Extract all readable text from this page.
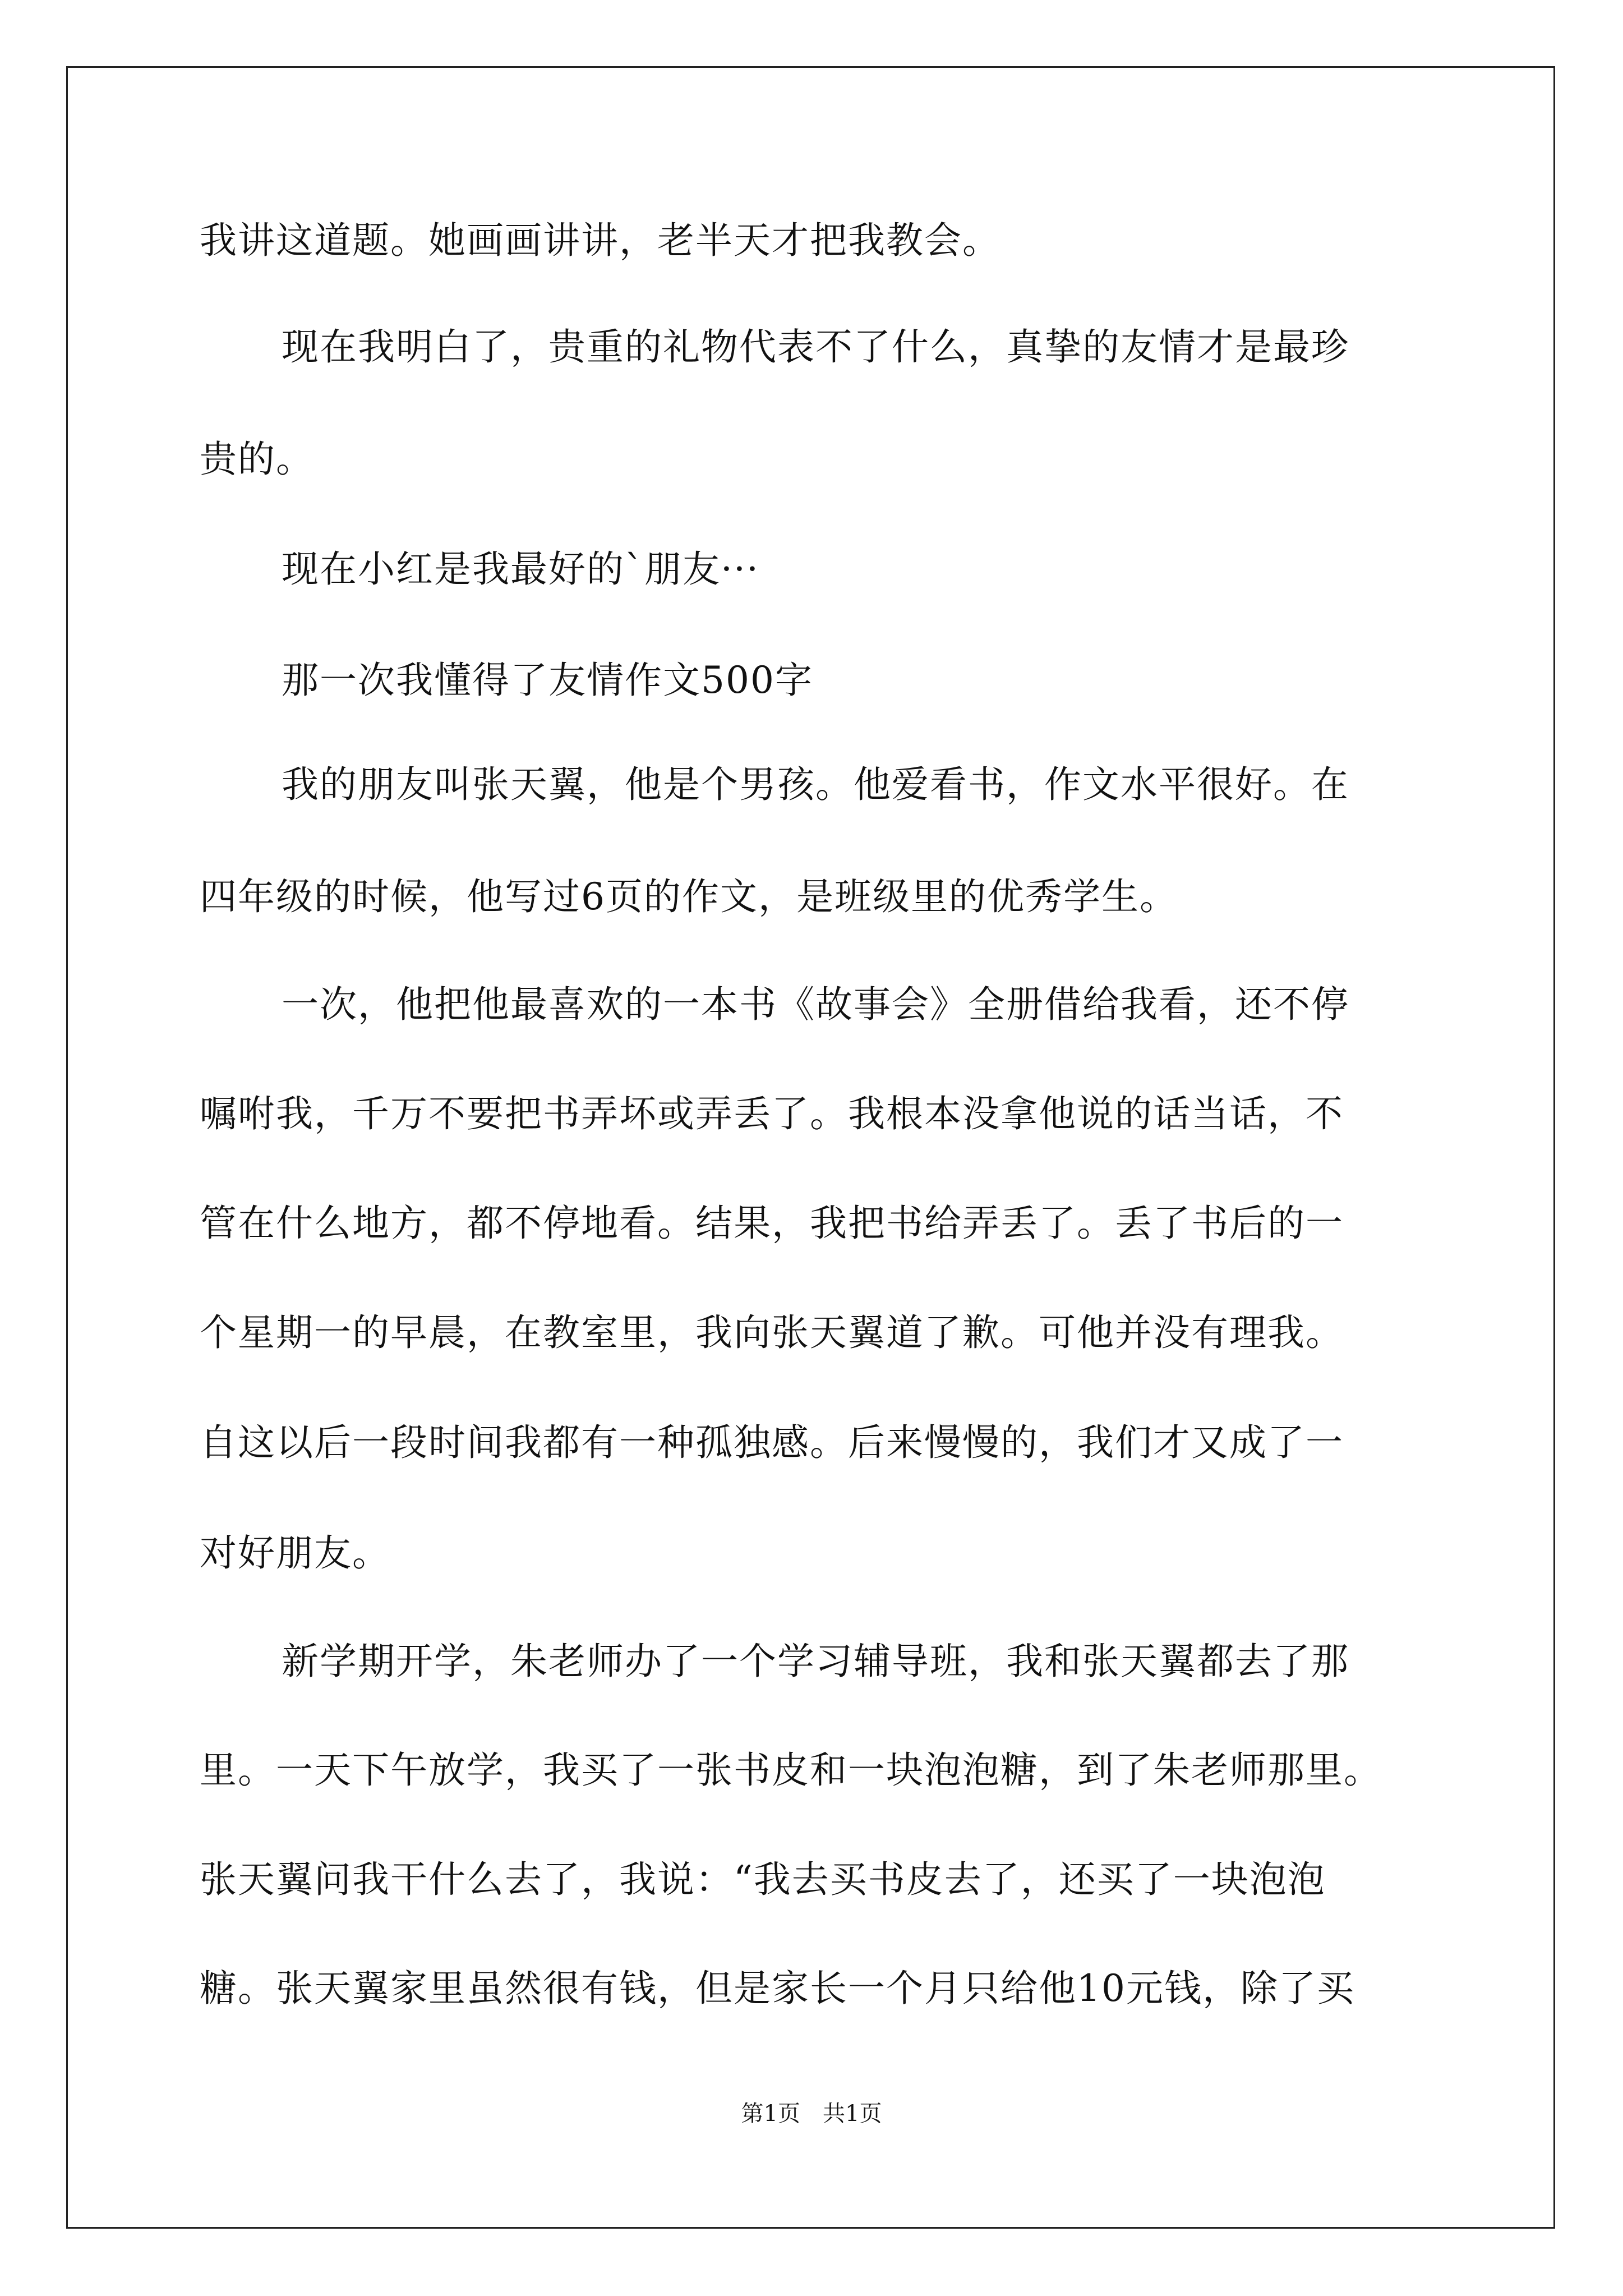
我讲这道题。她画画讲讲，老半天才把我教会。
现在我明白了，贵重的礼物代表不了什么，真挚的友情才是最珍
贵的。
现在小红是我最好的`朋友···
那一次我懂得了友情作文500字
我的朋友叫张天翼，他是个男孩。他爱看书，作文水平很好。在
四年级的时候，他写过6页的作文，是班级里的优秀学生。
一次，他把他最喜欢的一本书《故事会》全册借给我看，还不停
嘱咐我，千万不要把书弄坏或弄丢了。我根本没拿他说的话当话，不
管在什么地方，都不停地看。结果，我把书给弄丢了。丢了书后的一
个星期一的早晨，在教室里，我向张天翼道了歉。可他并没有理我。
自这以后一段时间我都有一种孤独感。后来慢慢的，我们才又成了一
对好朋友。
新学期开学，朱老师办了一个学习辅导班，我和张天翼都去了那
里。一天下午放学，我买了一张书皮和一块泡泡糖，到了朱老师那里。
张天翼问我干什么去了，我说：“我去买书皮去了，还买了一块泡泡
糖。张天翼家里虽然很有钱，但是家长一个月只给他10元钱，除了买
第1页　共1页
